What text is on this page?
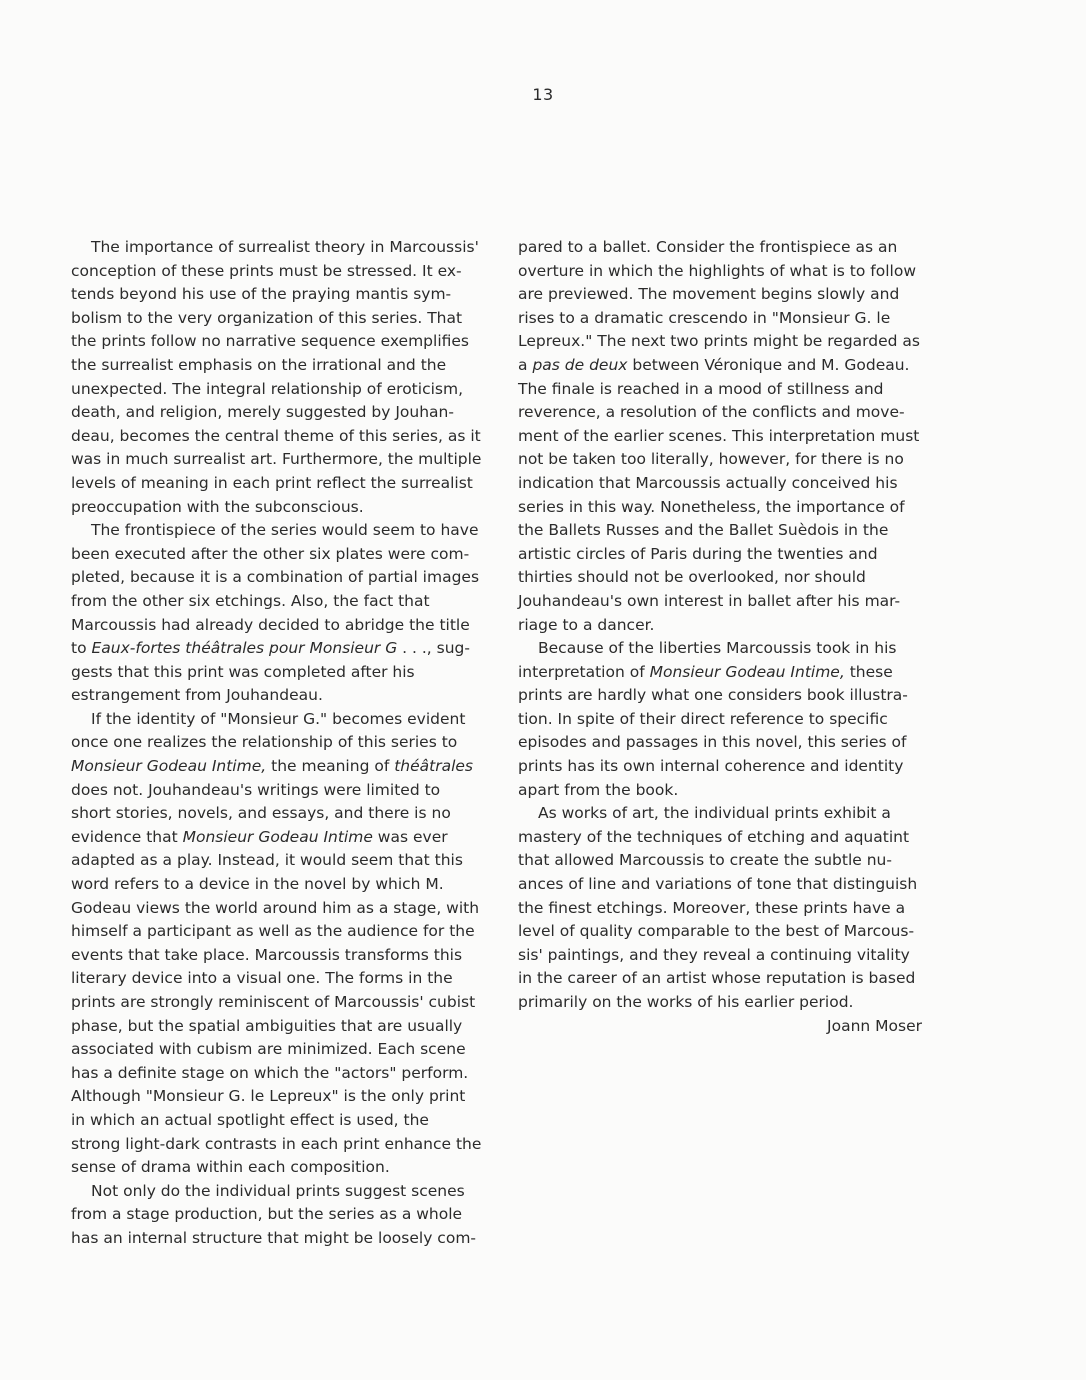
13
The importance of surrealist theory in Marcoussis'
conception of these prints must be stressed. It ex-
tends beyond his use of the praying mantis sym-
bolism to the very organization of this series. That
the prints follow no narrative sequence exemplifies
the surrealist emphasis on the irrational and the
unexpected. The integral relationship of eroticism,
death, and religion, merely suggested by Jouhan-
deau, becomes the central theme of this series, as it
was in much surrealist art. Furthermore, the multiple
levels of meaning in each print reflect the surrealist
preoccupation with the subconscious.
The frontispiece of the series would seem to have
been executed after the other six plates were com-
pleted, because it is a combination of partial images
from the other six etchings. Also, the fact that
Marcoussis had already decided to abridge the title
to Eaux-fortes théâtrales pour Monsieur G . . ., sug-
gests that this print was completed after his
estrangement from Jouhandeau.
If the identity of "Monsieur G." becomes evident
once one realizes the relationship of this series to
Monsieur Godeau Intime, the meaning of théâtrales
does not. Jouhandeau's writings were limited to
short stories, novels, and essays, and there is no
evidence that Monsieur Godeau Intime was ever
adapted as a play. Instead, it would seem that this
word refers to a device in the novel by which M.
Godeau views the world around him as a stage, with
himself a participant as well as the audience for the
events that take place. Marcoussis transforms this
literary device into a visual one. The forms in the
prints are strongly reminiscent of Marcoussis' cubist
phase, but the spatial ambiguities that are usually
associated with cubism are minimized. Each scene
has a definite stage on which the "actors" perform.
Although "Monsieur G. le Lepreux" is the only print
in which an actual spotlight effect is used, the
strong light-dark contrasts in each print enhance the
sense of drama within each composition.
Not only do the individual prints suggest scenes
from a stage production, but the series as a whole
has an internal structure that might be loosely com-
pared to a ballet. Consider the frontispiece as an
overture in which the highlights of what is to follow
are previewed. The movement begins slowly and
rises to a dramatic crescendo in "Monsieur G. le
Lepreux." The next two prints might be regarded as
a pas de deux between Véronique and M. Godeau.
The finale is reached in a mood of stillness and
reverence, a resolution of the conflicts and move-
ment of the earlier scenes. This interpretation must
not be taken too literally, however, for there is no
indication that Marcoussis actually conceived his
series in this way. Nonetheless, the importance of
the Ballets Russes and the Ballet Suèdois in the
artistic circles of Paris during the twenties and
thirties should not be overlooked, nor should
Jouhandeau's own interest in ballet after his mar-
riage to a dancer.
Because of the liberties Marcoussis took in his
interpretation of Monsieur Godeau Intime, these
prints are hardly what one considers book illustra-
tion. In spite of their direct reference to specific
episodes and passages in this novel, this series of
prints has its own internal coherence and identity
apart from the book.
As works of art, the individual prints exhibit a
mastery of the techniques of etching and aquatint
that allowed Marcoussis to create the subtle nu-
ances of line and variations of tone that distinguish
the finest etchings. Moreover, these prints have a
level of quality comparable to the best of Marcous-
sis' paintings, and they reveal a continuing vitality
in the career of an artist whose reputation is based
primarily on the works of his earlier period.
Joann Moser
